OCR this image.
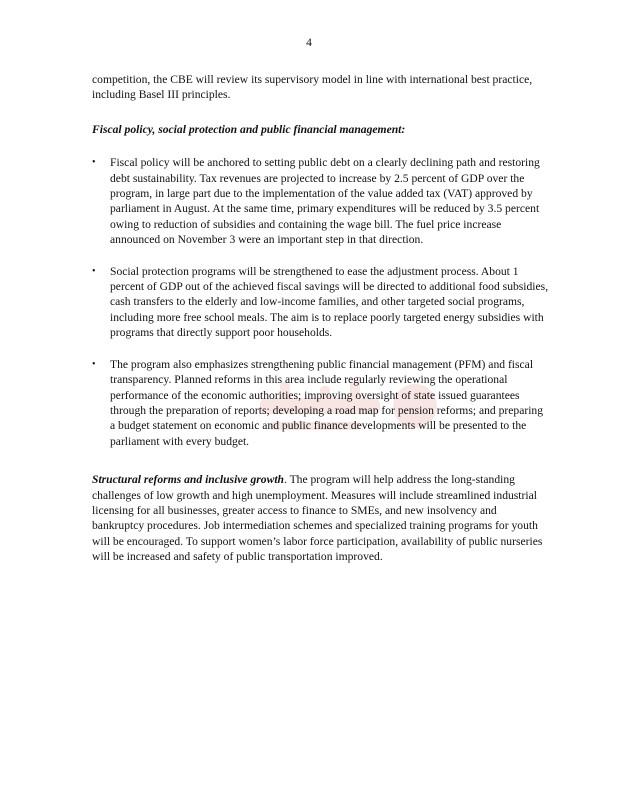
4

competition, the CBE will review its supervisory model in line with international best practice, including Basel III principles.

Fiscal policy, social protection and public financial management:

• Fiscal policy will be anchored to setting public debt on a clearly declining path and restoring debt sustainability. Tax revenues are projected to increase by 2.5 percent of GDP over the program, in large part due to the implementation of the value added tax (VAT) approved by parliament in August. At the same time, primary expenditures will be reduced by 3.5 percent owing to reduction of subsidies and containing the wage bill. The fuel price increase announced on November 3 were an important step in that direction.
• Social protection programs will be strengthened to ease the adjustment process. About 1 percent of GDP out of the achieved fiscal savings will be directed to additional food subsidies, cash transfers to the elderly and low-income families, and other targeted social programs, including more free school meals. The aim is to replace poorly targeted energy subsidies with programs that directly support poor households.
• The program also emphasizes strengthening public financial management (PFM) and fiscal transparency. Planned reforms in this area include regularly reviewing the operational performance of the economic authorities; improving oversight of state issued guarantees through the preparation of reports; developing a road map for pension reforms; and preparing a budget statement on economic and public finance developments will be presented to the parliament with every budget.

Structural reforms and inclusive growth. The program will help address the long-standing challenges of low growth and high unemployment. Measures will include streamlined industrial licensing for all businesses, greater access to finance to SMEs, and new insolvency and bankruptcy procedures. Job intermediation schemes and specialized training programs for youth will be encouraged. To support women’s labor force participation, availability of public nurseries will be increased and safety of public transportation improved.
